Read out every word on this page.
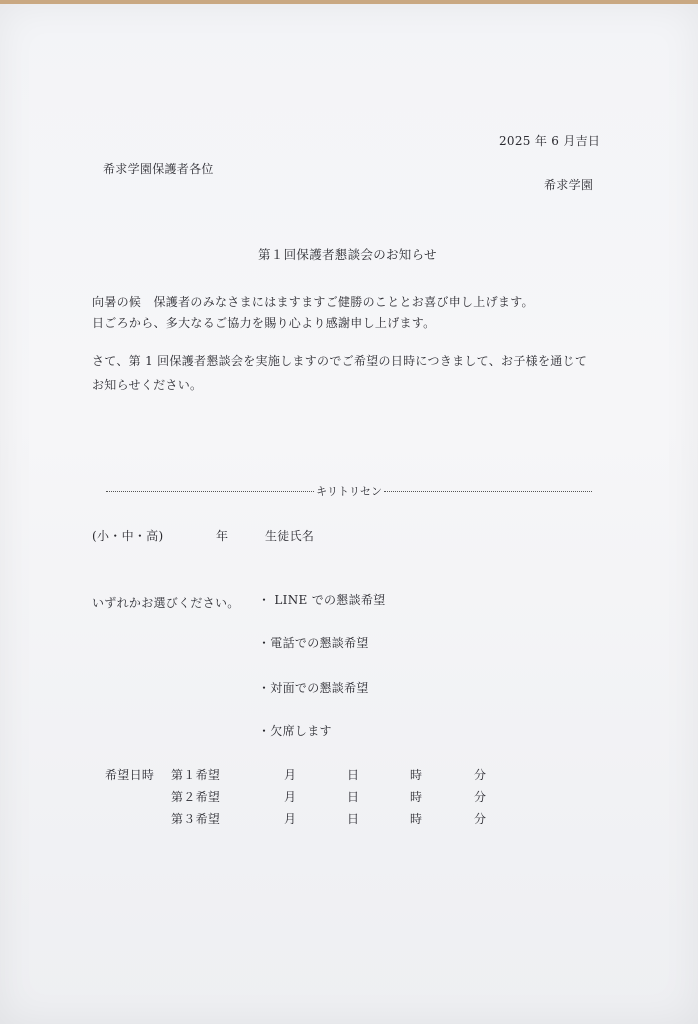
2025 年 6 月吉日
希求学園保護者各位
希求学園
第１回保護者懇談会のお知らせ
向暑の候　保護者のみなさまにはますますご健勝のこととお喜び申し上げます。
日ごろから、多大なるご協力を賜り心より感謝申し上げます。
さて、第 1 回保護者懇談会を実施しますのでご希望の日時につきまして、お子様を通じて
お知らせください。
キリトリセン
(小・中・高)	年	生徒氏名
いずれかお選びください。 ・ LINE での懇談希望
・電話での懇談希望
・対面での懇談希望
・欠席します
希望日時 第１希望	月	日	時	分
第２希望	月	日	時	分
第３希望	月	日	時	分
